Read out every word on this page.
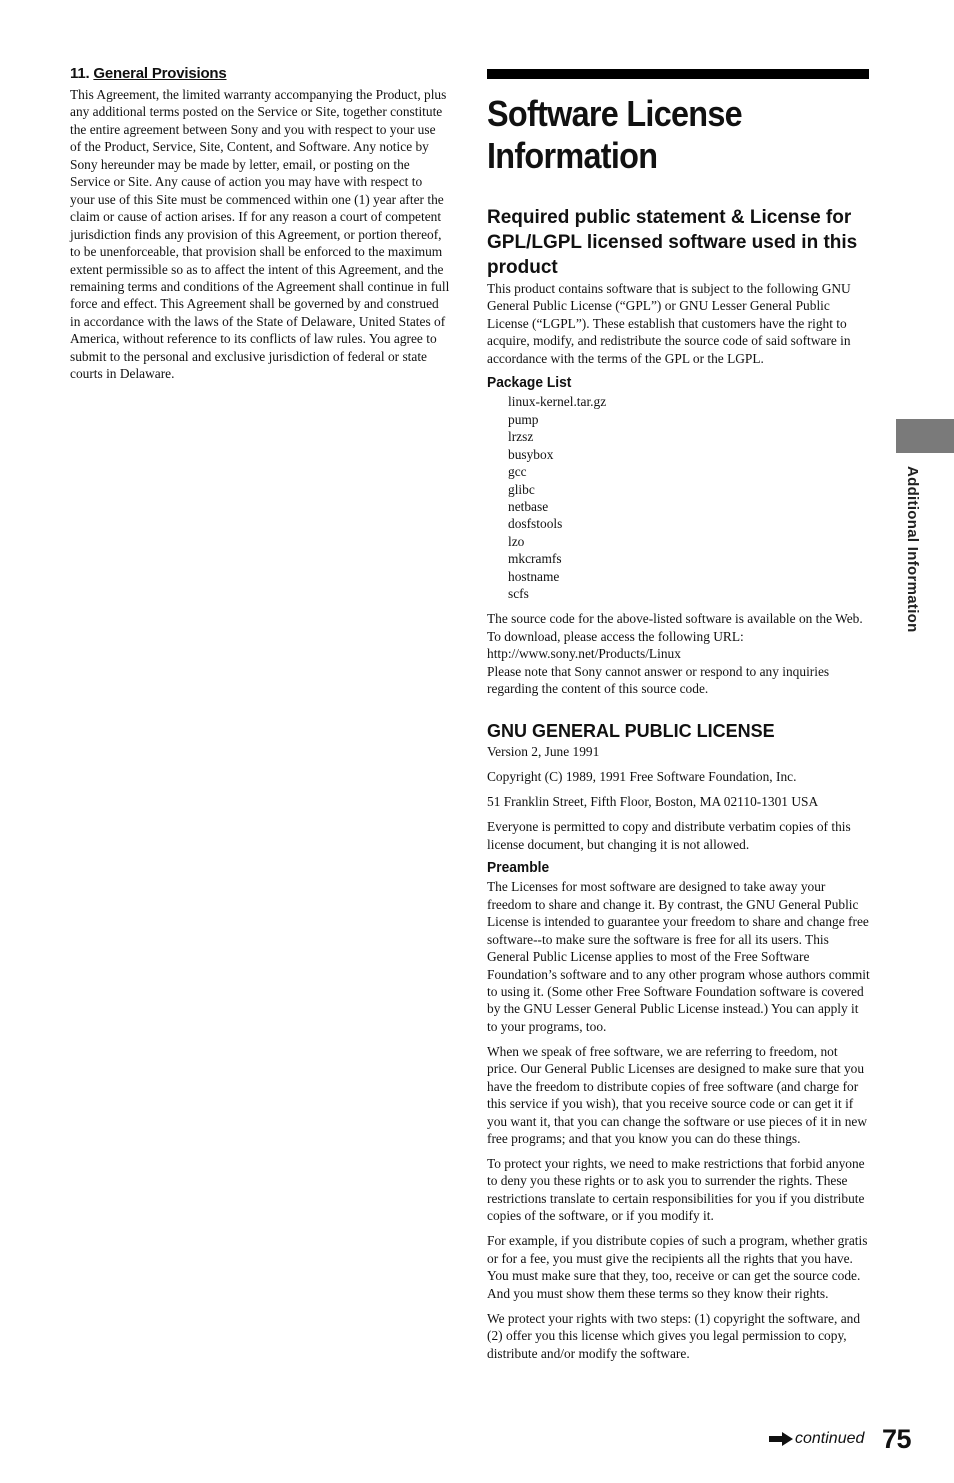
11. General Provisions

This Agreement, the limited warranty accompanying the Product, plus any additional terms posted on the Service or Site, together constitute the entire agreement between Sony and you with respect to your use of the Product, Service, Site, Content, and Software. Any notice by Sony hereunder may be made by letter, email, or posting on the Service or Site. Any cause of action you may have with respect to your use of this Site must be commenced within one (1) year after the claim or cause of action arises. If for any reason a court of competent jurisdiction finds any provision of this Agreement, or portion thereof, to be unenforceable, that provision shall be enforced to the maximum extent permissible so as to affect the intent of this Agreement, and the remaining terms and conditions of the Agreement shall continue in full force and effect. This Agreement shall be governed by and construed in accordance with the laws of the State of Delaware, United States of America, without reference to its conflicts of law rules. You agree to submit to the personal and exclusive jurisdiction of federal or state courts in Delaware.

Software License Information
Required public statement & License for GPL/LGPL licensed software used in this product

This product contains software that is subject to the following GNU General Public License (“GPL”) or GNU Lesser General Public License (“LGPL”). These establish that customers have the right to acquire, modify, and redistribute the source code of said software in accordance with the terms of the GPL or the LGPL.

Package List
linux-kernel.tar.gz
pump
lrzsz
busybox
gcc
glibc
netbase
dosfstools
lzo
mkcramfs
hostname
scfs

The source code for the above-listed software is available on the Web.

To download, please access the following URL:

http://www.sony.net/Products/Linux

Please note that Sony cannot answer or respond to any inquiries regarding the content of this source code.

GNU GENERAL PUBLIC LICENSE

Version 2, June 1991

Copyright (C) 1989, 1991 Free Software Foundation, Inc.

51 Franklin Street, Fifth Floor, Boston, MA 02110-1301 USA

Everyone is permitted to copy and distribute verbatim copies of this license document, but changing it is not allowed.

Preamble

The Licenses for most software are designed to take away your freedom to share and change it. By contrast, the GNU General Public License is intended to guarantee your freedom to share and change free software--to make sure the software is free for all its users. This General Public License applies to most of the Free Software Foundation’s software and to any other program whose authors commit to using it. (Some other Free Software Foundation software is covered by the GNU Lesser General Public License instead.) You can apply it to your programs, too.

When we speak of free software, we are referring to freedom, not price. Our General Public Licenses are designed to make sure that you have the freedom to distribute copies of free software (and charge for this service if you wish), that you receive source code or can get it if you want it, that you can change the software or use pieces of it in new free programs; and that you know you can do these things.

To protect your rights, we need to make restrictions that forbid anyone to deny you these rights or to ask you to surrender the rights. These restrictions translate to certain responsibilities for you if you distribute copies of the software, or if you modify it.

For example, if you distribute copies of such a program, whether gratis or for a fee, you must give the recipients all the rights that you have. You must make sure that they, too, receive or can get the source code. And you must show them these terms so they know their rights.

We protect your rights with two steps: (1) copyright the software, and (2) offer you this license which gives you legal permission to copy, distribute and/or modify the software.

Additional Information
continued 75
